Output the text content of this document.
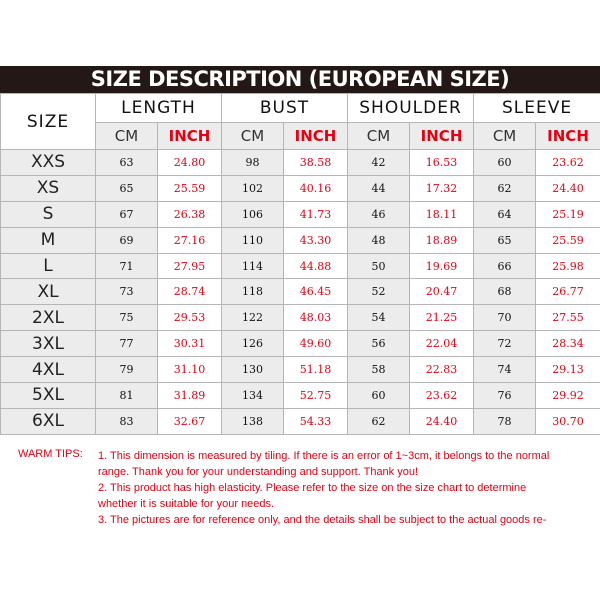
SIZE DESCRIPTION (EUROPEAN SIZE)
SIZE	LENGTH		BUST		SHOULDER		SLEEVE	
	CM	INCH	CM	INCH	CM	INCH	CM	INCH
XXS	63	24.80	98	38.58	42	16.53	60	23.62
XS	65	25.59	102	40.16	44	17.32	62	24.40
S	67	26.38	106	41.73	46	18.11	64	25.19
M	69	27.16	110	43.30	48	18.89	65	25.59
L	71	27.95	114	44.88	50	19.69	66	25.98
XL	73	28.74	118	46.45	52	20.47	68	26.77
2XL	75	29.53	122	48.03	54	21.25	70	27.55
3XL	77	30.31	126	49.60	56	22.04	72	28.34
4XL	79	31.10	130	51.18	58	22.83	74	29.13
5XL	81	31.89	134	52.75	60	23.62	76	29.92
6XL	83	32.67	138	54.33	62	24.40	78	30.70
WARM TIPS: 1. This dimension is measured by tiling. If there is an error of 1~3cm, it belongs to the normal
range. Thank you for your understanding and support. Thank you!
2. This product has high elasticity. Please refer to the size on the size chart to determine
whether it is suitable for your needs.
3. The pictures are for reference only, and the details shall be subject to the actual goods re-
